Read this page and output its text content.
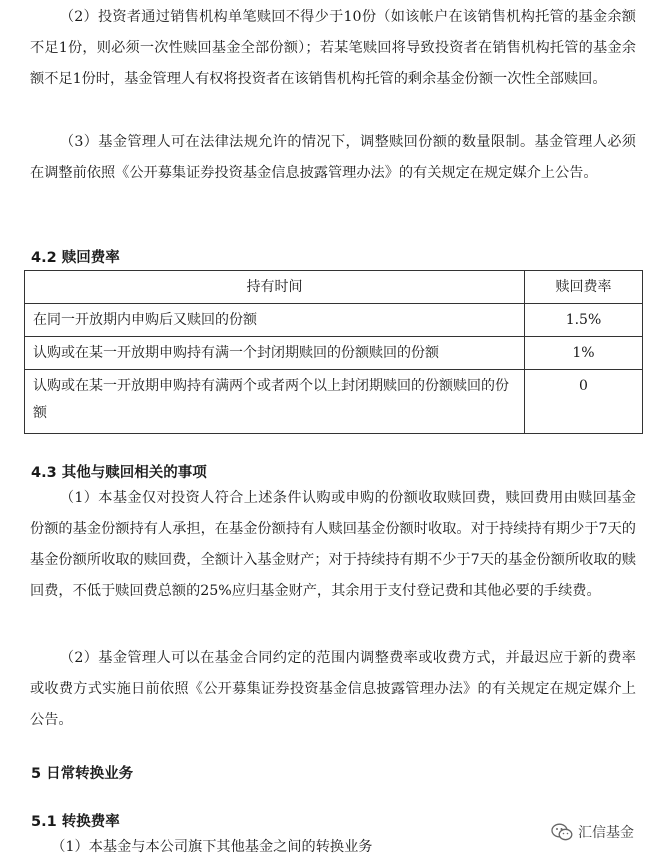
（2）投资者通过销售机构单笔赎回不得少于10份（如该帐户在该销售机构托管的基金余额不足1份，则必须一次性赎回基金全部份额）；若某笔赎回将导致投资者在销售机构托管的基金余额不足1份时，基金管理人有权将投资者在该销售机构托管的剩余基金份额一次性全部赎回。

（3）基金管理人可在法律法规允许的情况下，调整赎回份额的数量限制。基金管理人必须在调整前依照《公开募集证券投资基金信息披露管理办法》的有关规定在规定媒介上公告。

4.2 赎回费率
持有时间	赎回费率
在同一开放期内申购后又赎回的份额	1.5%
认购或在某一开放期申购持有满一个封闭期赎回的份额赎回的份额	1%
认购或在某一开放期申购持有满两个或者两个以上封闭期赎回的份额赎回的份额	0
4.3 其他与赎回相关的事项

（1）本基金仅对投资人符合上述条件认购或申购的份额收取赎回费，赎回费用由赎回基金份额的基金份额持有人承担，在基金份额持有人赎回基金份额时收取。对于持续持有期少于7天的基金份额所收取的赎回费，全额计入基金财产；对于持续持有期不少于7天的基金份额所收取的赎回费，不低于赎回费总额的25%应归基金财产，其余用于支付登记费和其他必要的手续费。

（2）基金管理人可以在基金合同约定的范围内调整费率或收费方式，并最迟应于新的费率或收费方式实施日前依照《公开募集证券投资基金信息披露管理办法》的有关规定在规定媒介上公告。

5 日常转换业务
5.1 转换费率

（1）本基金与本公司旗下其他基金之间的转换业务

汇信基金
